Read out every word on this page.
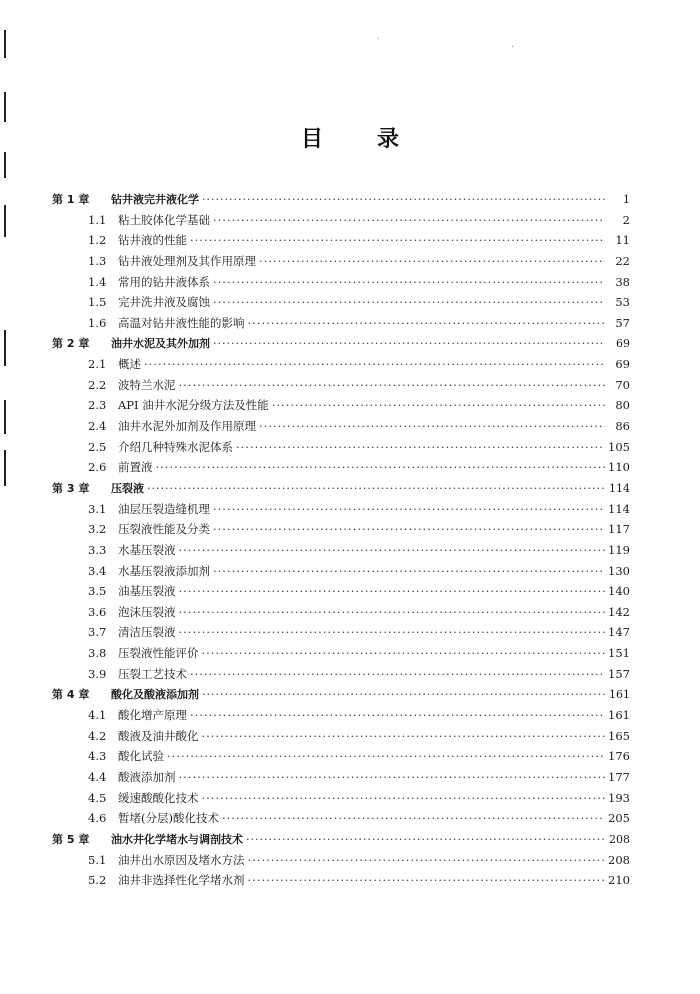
目 录
第 1 章	钻井液完井液化学 ·····	1
1.1	粘土胶体化学基础 ·····	2
1.2	钻井液的性能 ·····	11
1.3	钻井液处理剂及其作用原理 ·····	22
1.4	常用的钻井液体系 ·····	38
1.5	完井洗井液及腐蚀 ·····	53
1.6	高温对钻井液性能的影响 ·····	57
第 2 章	油井水泥及其外加剂 ·····	69
2.1	概述 ·····	69
2.2	波特兰水泥 ·····	70
2.3	API 油井水泥分级方法及性能 ·····	80
2.4	油井水泥外加剂及作用原理 ·····	86
2.5	介绍几种特殊水泥体系 ·····	105
2.6	前置液 ·····	110
第 3 章	压裂液 ·····	114
3.1	油层压裂造缝机理 ·····	114
3.2	压裂液性能及分类 ·····	117
3.3	水基压裂液 ·····	119
3.4	水基压裂液添加剂 ·····	130
3.5	油基压裂液 ·····	140
3.6	泡沫压裂液 ·····	142
3.7	清洁压裂液 ·····	147
3.8	压裂液性能评价 ·····	151
3.9	压裂工艺技术 ·····	157
第 4 章	酸化及酸液添加剂 ·····	161
4.1	酸化增产原理 ·····	161
4.2	酸液及油井酸化 ·····	165
4.3	酸化试验 ·····	176
4.4	酸液添加剂 ·····	177
4.5	缓速酸酸化技术 ·····	193
4.6	暂堵(分层)酸化技术 ·····	205
第 5 章	油水井化学堵水与调剖技术 ·····	208
5.1	油井出水原因及堵水方法 ·····	208
5.2	油井非选择性化学堵水剂 ·····	210
